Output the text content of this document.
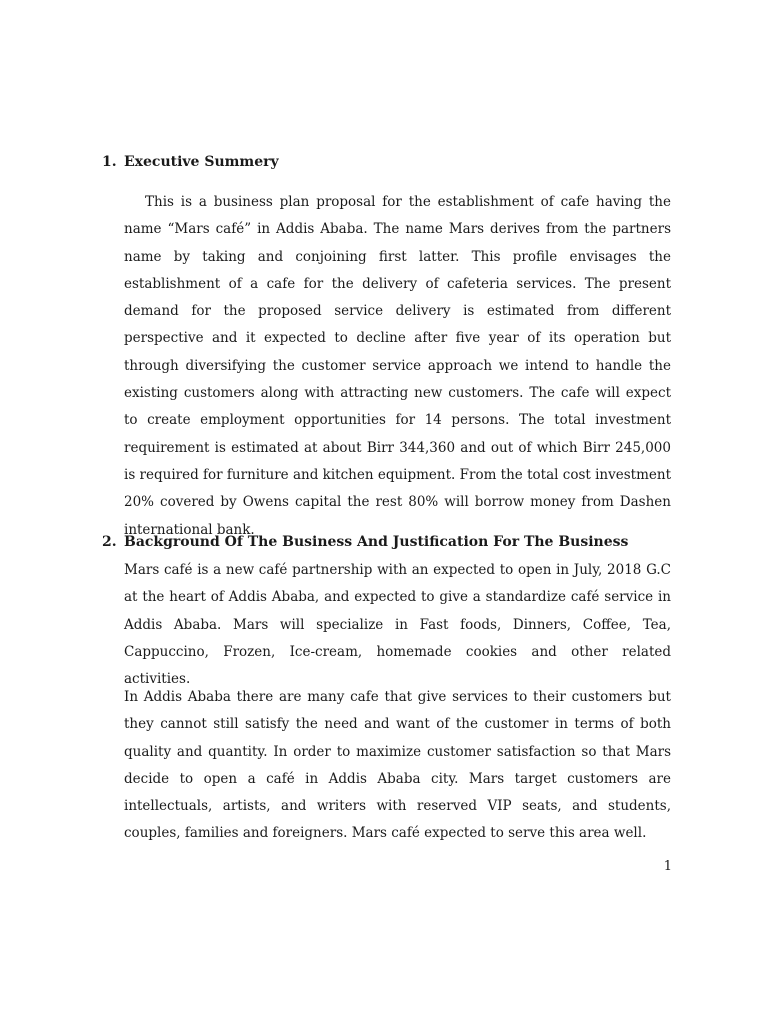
1. Executive Summery

This is a business plan proposal for the establishment of cafe having the name “Mars café” in Addis Ababa. The name Mars derives from the partners name by taking and conjoining first latter. This profile envisages the establishment of a cafe for the delivery of cafeteria services. The present demand for the proposed service delivery is estimated from different perspective and it expected to decline after five year of its operation but through diversifying the customer service approach we intend to handle the existing customers along with attracting new customers. The cafe will expect to create employment opportunities for 14 persons. The total investment requirement is estimated at about Birr 344,360 and out of which Birr 245,000 is required for furniture and kitchen equipment. From the total cost investment 20% covered by Owens capital the rest 80% will borrow money from Dashen international bank.

2. Background Of The Business And Justification For The Business

Mars café is a new café partnership with an expected to open in July, 2018 G.C at the heart of Addis Ababa, and expected to give a standardize café service in Addis Ababa. Mars will specialize in Fast foods, Dinners, Coffee, Tea, Cappuccino, Frozen, Ice-cream, homemade cookies and other related activities.

In Addis Ababa there are many cafe that give services to their customers but they cannot still satisfy the need and want of the customer in terms of both quality and quantity. In order to maximize customer satisfaction so that Mars decide to open a café in Addis Ababa city. Mars target customers are intellectuals, artists, and writers with reserved VIP seats, and students, couples, families and foreigners. Mars café expected to serve this area well.

1
